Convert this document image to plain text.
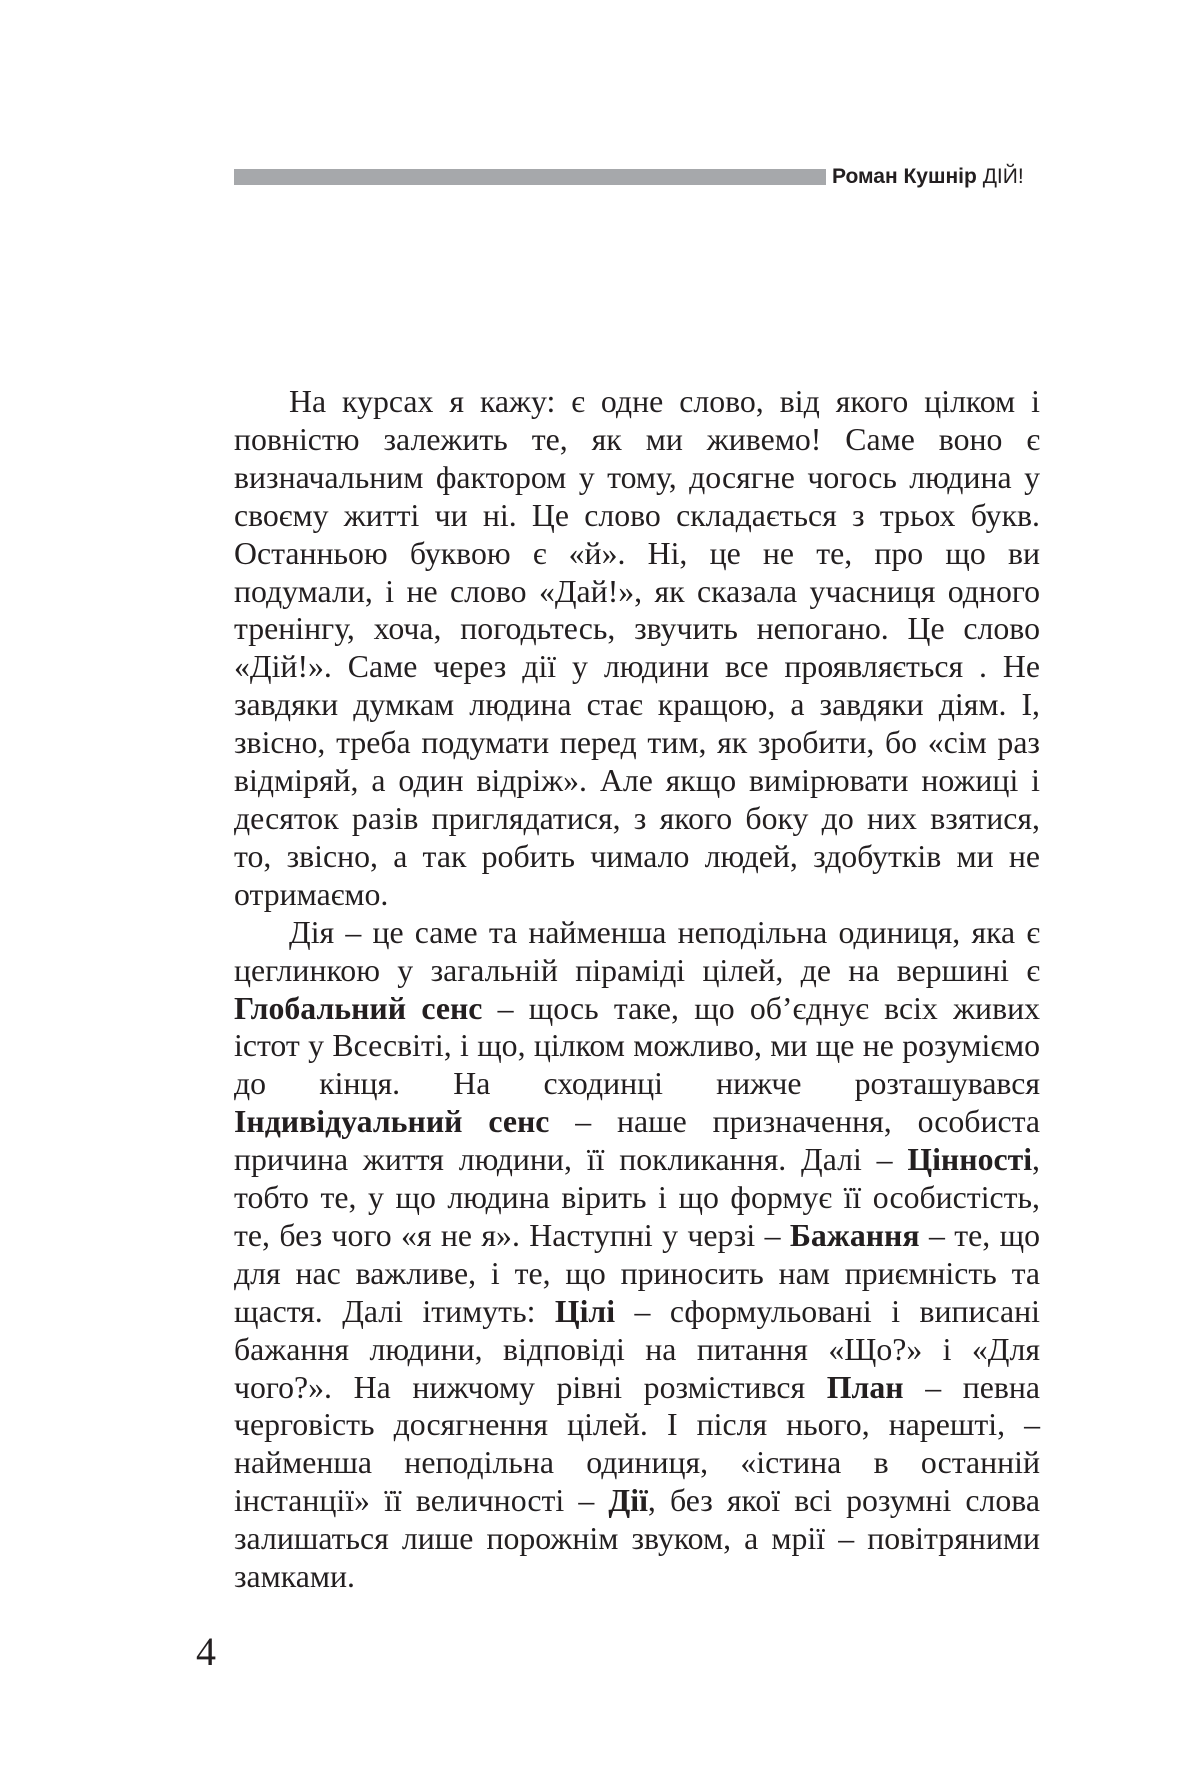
Роман Кушнір ДІЙ!

На курсах я кажу: є одне слово, від якого цілком і повністю залежить те, як ми живемо! Саме воно є визначальним фактором у тому, досягне чогось людина у своєму житті чи ні. Це слово складається з трьох букв. Останньою буквою є «й». Ні, це не те, про що ви подумали, і не слово «Дай!», як сказала учасниця одного тренінгу, хоча, погодьтесь, звучить непогано. Це слово «Дій!». Саме через дії у людини все проявляється . Не завдяки думкам людина стає кращою, а завдяки діям. І, звісно, треба подумати перед тим, як зробити, бо «сім раз відміряй, а один відріж». Але якщо вимірювати ножиці і десяток разів приглядатися, з якого боку до них взятися, то, звісно, а так робить чимало людей, здобутків ми не отримаємо.

Дія – це саме та найменша неподільна одиниця, яка є цеглинкою у загальній піраміді цілей, де на вершині є Глобальний сенс – щось таке, що об’єднує всіх живих істот у Всесвіті, і що, цілком можливо, ми ще не розуміємо до кінця. На сходинці нижче розташувався Індивідуальний сенс – наше призначення, особиста причина життя людини, її покликання. Далі – Цінності, тобто те, у що людина вірить і що формує її особистість, те, без чого «я не я». Наступні у черзі – Бажання – те, що для нас важливе, і те, що приносить нам приємність та щастя. Далі ітимуть: Цілі – сформульовані і виписані бажання людини, відповіді на питання «Що?» і «Для чого?». На нижчому рівні розмістився План – певна черговість досягнення цілей. І після нього, нарешті, – найменша неподільна одиниця, «істина в останній інстанції» її величності – Дії, без якої всі розумні слова залишаться лише порожнім звуком, а мрії – повітряними замками.

4
